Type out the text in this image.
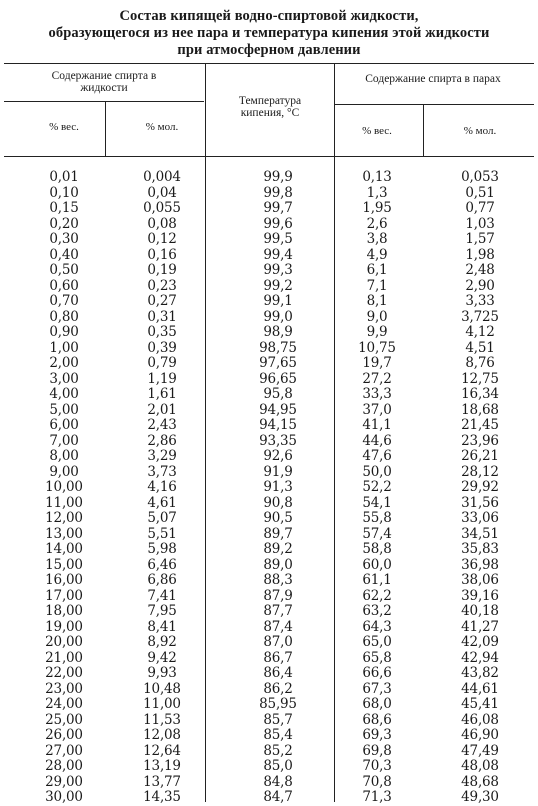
Состав кипящей водно-спиртовой жидкости,
образующегося из нее пара и температура кипения этой жидкости
при атмосферном давлении
Содержание спирта в жидкости
Температура кипения, °С
Содержание спирта в парах
% вес.	% мол.	% вес.	% мол.
0,01	0,004	99,9	0,13	0,053
0,10	0,04	99,8	1,3	0,51
0,15	0,055	99,7	1,95	0,77
0,20	0,08	99,6	2,6	1,03
0,30	0,12	99,5	3,8	1,57
0,40	0,16	99,4	4,9	1,98
0,50	0,19	99,3	6,1	2,48
0,60	0,23	99,2	7,1	2,90
0,70	0,27	99,1	8,1	3,33
0,80	0,31	99,0	9,0	3,725
0,90	0,35	98,9	9,9	4,12
1,00	0,39	98,75	10,75	4,51
2,00	0,79	97,65	19,7	8,76
3,00	1,19	96,65	27,2	12,75
4,00	1,61	95,8	33,3	16,34
5,00	2,01	94,95	37,0	18,68
6,00	2,43	94,15	41,1	21,45
7,00	2,86	93,35	44,6	23,96
8,00	3,29	92,6	47,6	26,21
9,00	3,73	91,9	50,0	28,12
10,00	4,16	91,3	52,2	29,92
11,00	4,61	90,8	54,1	31,56
12,00	5,07	90,5	55,8	33,06
13,00	5,51	89,7	57,4	34,51
14,00	5,98	89,2	58,8	35,83
15,00	6,46	89,0	60,0	36,98
16,00	6,86	88,3	61,1	38,06
17,00	7,41	87,9	62,2	39,16
18,00	7,95	87,7	63,2	40,18
19,00	8,41	87,4	64,3	41,27
20,00	8,92	87,0	65,0	42,09
21,00	9,42	86,7	65,8	42,94
22,00	9,93	86,4	66,6	43,82
23,00	10,48	86,2	67,3	44,61
24,00	11,00	85,95	68,0	45,41
25,00	11,53	85,7	68,6	46,08
26,00	12,08	85,4	69,3	46,90
27,00	12,64	85,2	69,8	47,49
28,00	13,19	85,0	70,3	48,08
29,00	13,77	84,8	70,8	48,68
30,00	14,35	84,7	71,3	49,30
